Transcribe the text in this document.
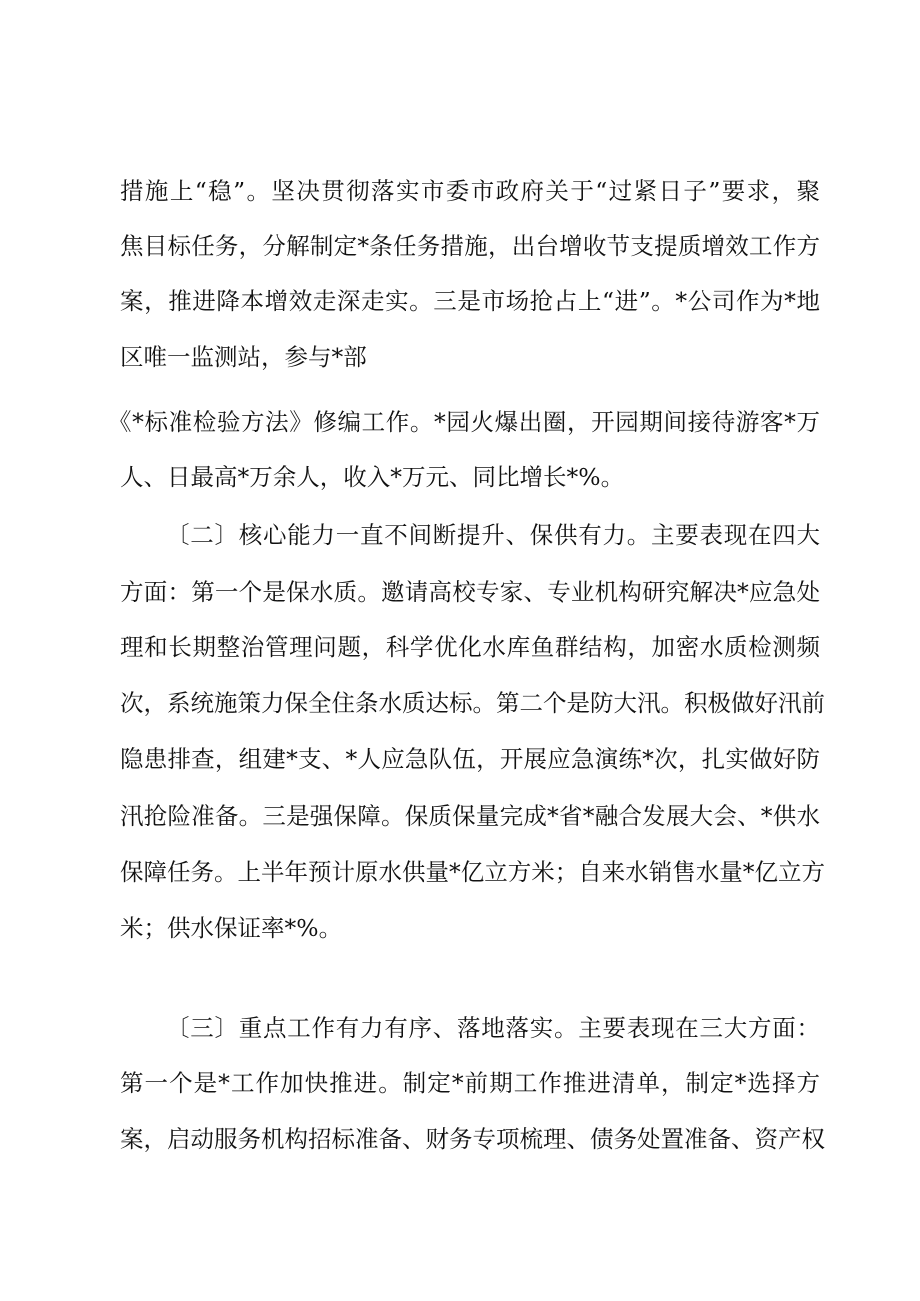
措施上“稳”。坚决贯彻落实市委市政府关于“过紧日子”要求，聚
焦目标任务，分解制定*条任务措施，出台增收节支提质增效工作方
案，推进降本增效走深走实。三是市场抢占上“进”。*公司作为*地
区唯一监测站，参与*部
《*标准检验方法》修编工作。*园火爆出圈，开园期间接待游客*万
人、日最高*万余人，收入*万元、同比增长*%。
〔二〕核心能力一直不间断提升、保供有力。主要表现在四大
方面：第一个是保水质。邀请高校专家、专业机构研究解决*应急处
理和长期整治管理问题，科学优化水库鱼群结构，加密水质检测频
次，系统施策力保全住条水质达标。第二个是防大汛。积极做好汛前
隐患排查，组建*支、*人应急队伍，开展应急演练*次，扎实做好防
汛抢险准备。三是强保障。保质保量完成*省*融合发展大会、*供水
保障任务。上半年预计原水供量*亿立方米；自来水销售水量*亿立方
米；供水保证率*%。
〔三〕重点工作有力有序、落地落实。主要表现在三大方面：
第一个是*工作加快推进。制定*前期工作推进清单，制定*选择方
案，启动服务机构招标准备、财务专项梳理、债务处置准备、资产权
